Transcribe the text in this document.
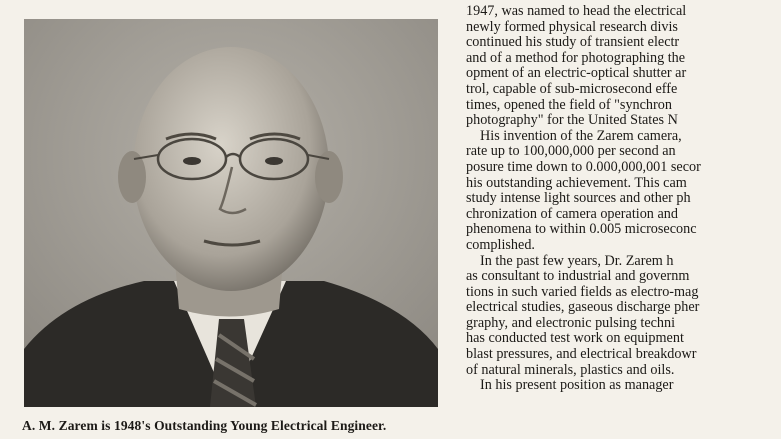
A. M. Zarem is 1948's Outstanding Young Electrical Engineer.
1947, was named to head the electrical
newly formed physical research divis
continued his study of transient electr
and of a method for photographing the
opment of an electric-optical shutter ar
trol, capable of sub-microsecond effe
times, opened the field of "synchron
photography" for the United States N
His invention of the Zarem camera,
rate up to 100,000,000 per second an
posure time down to 0.000,000,001 secor
his outstanding achievement. This cam
study intense light sources and other ph
chronization of camera operation and
phenomena to within 0.005 microseconc
complished.
In the past few years, Dr. Zarem h
as consultant to industrial and governm
tions in such varied fields as electro-mag
electrical studies, gaseous discharge pher
graphy, and electronic pulsing techni
has conducted test work on equipment
blast pressures, and electrical breakdowr
of natural minerals, plastics and oils.
In his present position as manager
